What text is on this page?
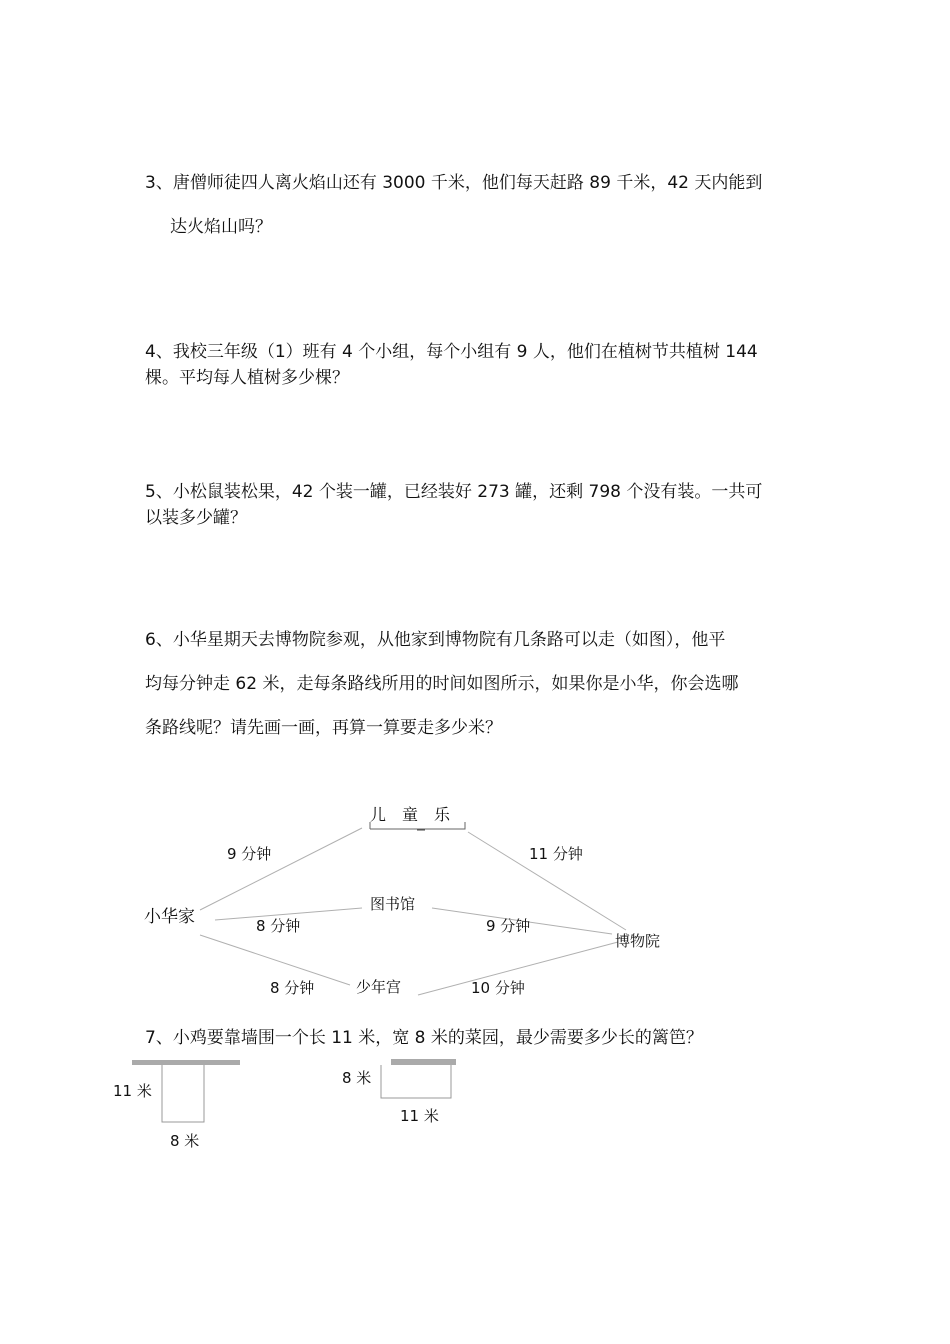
3、唐僧师徒四人离火焰山还有 3000 千米，他们每天赶路 89 千米，42 天内能到
达火焰山吗？
4、我校三年级（1）班有 4 个小组，每个小组有 9 人，他们在植树节共植树 144
棵。平均每人植树多少棵？
5、小松鼠装松果，42 个装一罐，已经装好 273 罐，还剩 798 个没有装。一共可
以装多少罐？
6、小华星期天去博物院参观，从他家到博物院有几条路可以走（如图），他平
均每分钟走 62 米，走每条路线所用的时间如图所示，如果你是小华，你会选哪
条路线呢？请先画一画，再算一算要走多少米？
儿　童　乐
小华家
图书馆
博物院
少年宫
9 分钟	11 分钟
8 分钟	9 分钟
8 分钟	10 分钟
7、小鸡要靠墙围一个长 11 米，宽 8 米的菜园，最少需要多少长的篱笆？
11 米
8 米
8 米
11 米
